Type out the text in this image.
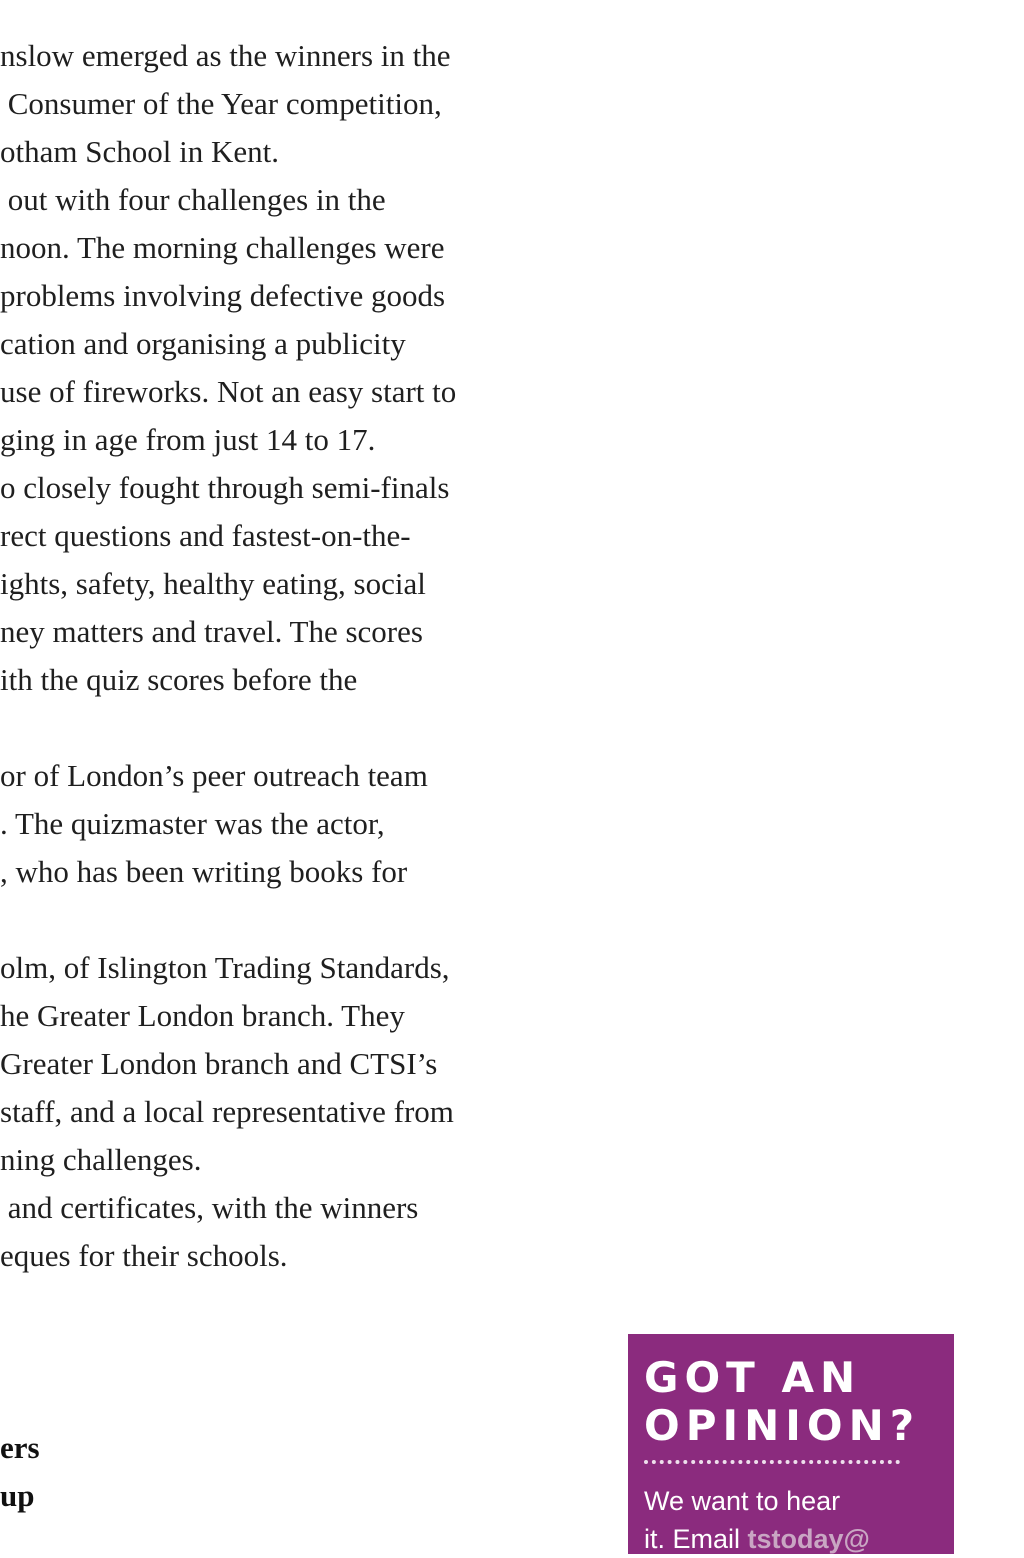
nslow emerged as the winners in the
Consumer of the Year competition,
otham School in Kent.
out with four challenges in the
noon. The morning challenges were
problems involving defective goods
cation and organising a publicity
use of fireworks. Not an easy start to
ging in age from just 14 to 17.
o closely fought through semi-finals
rect questions and fastest-on-the-
ights, safety, healthy eating, social
ney matters and travel. The scores
ith the quiz scores before the
or of London’s peer outreach team
. The quizmaster was the actor,
, who has been writing books for
olm, of Islington Trading Standards,
he Greater London branch. They
Greater London branch and CTSI’s
staff, and a local representative from
ning challenges.
and certificates, with the winners
eques for their schools.
ers
up
GOT AN
OPINION?
We want to hear
it. Email tstoday@
